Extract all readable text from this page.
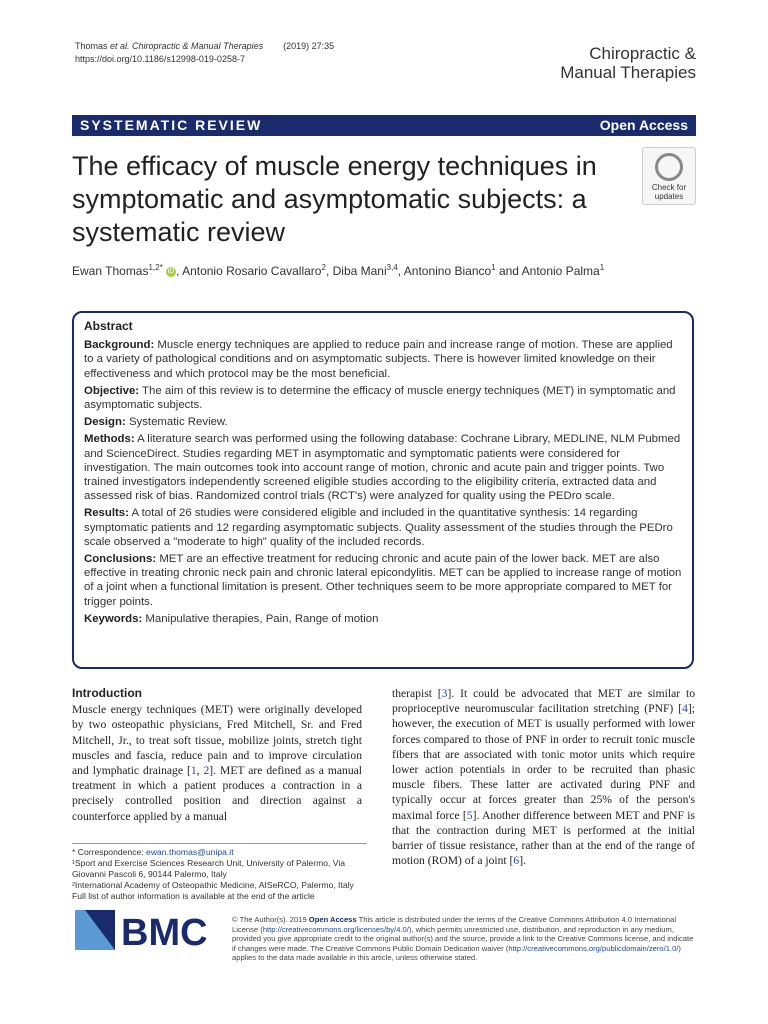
Thomas et al. Chiropractic & Manual Therapies (2019) 27:35
https://doi.org/10.1186/s12998-019-0258-7	Chiropractic &
Manual Therapies
SYSTEMATIC REVIEW	Open Access
The efficacy of muscle energy techniques in symptomatic and asymptomatic subjects: a systematic review
Check for
updates
Ewan Thomas$^{1,2*}$ iD , Antonio Rosario Cavallaro$^2$, Diba Mani$^{3,4}$, Antonino Bianco$^1$ and Antonio Palma$^1$
Abstract

Background: Muscle energy techniques are applied to reduce pain and increase range of motion. These are applied to a variety of pathological conditions and on asymptomatic subjects. There is however limited knowledge on their effectiveness and which protocol may be the most beneficial.

Objective: The aim of this review is to determine the efficacy of muscle energy techniques (MET) in symptomatic and asymptomatic subjects.

Design: Systematic Review.

Methods: A literature search was performed using the following database: Cochrane Library, MEDLINE, NLM Pubmed and ScienceDirect. Studies regarding MET in asymptomatic and symptomatic patients were considered for investigation. The main outcomes took into account range of motion, chronic and acute pain and trigger points. Two trained investigators independently screened eligible studies according to the eligibility criteria, extracted data and assessed risk of bias. Randomized control trials (RCT's) were analyzed for quality using the PEDro scale.

Results: A total of 26 studies were considered eligible and included in the quantitative synthesis: 14 regarding symptomatic patients and 12 regarding asymptomatic subjects. Quality assessment of the studies through the PEDro scale observed a "moderate to high" quality of the included records.

Conclusions: MET are an effective treatment for reducing chronic and acute pain of the lower back. MET are also effective in treating chronic neck pain and chronic lateral epicondylitis. MET can be applied to increase range of motion of a joint when a functional limitation is present. Other techniques seem to be more appropriate compared to MET for trigger points.

Keywords: Manipulative therapies, Pain, Range of motion

Introduction
Muscle energy techniques (MET) were originally developed by two osteopathic physicians, Fred Mitchell, Sr. and Fred Mitchell, Jr., to treat soft tissue, mobilize joints, stretch tight muscles and fascia, reduce pain and to improve circulation and lymphatic drainage [1, 2]. MET are defined as a manual treatment in which a patient produces a contraction in a precisely controlled position and direction against a counterforce applied by a manual
therapist [3]. It could be advocated that MET are similar to proprioceptive neuromuscular facilitation stretching (PNF) [4]; however, the execution of MET is usually performed with lower forces compared to those of PNF in order to recruit tonic muscle fibers that are associated with tonic motor units which require lower action potentials in order to be recruited than phasic muscle fibers. These latter are activated during PNF and typically occur at forces greater than 25% of the person's maximal force [5]. Another difference between MET and PNF is that the contraction during MET is performed at the initial barrier of tissue resistance, rather than at the end of the range of motion (ROM) of a joint [6].
* Correspondence: ewan.thomas@unipa.it
¹Sport and Exercise Sciences Research Unit, University of Palermo, Via Giovanni Pascoli 6, 90144 Palermo, Italy
²International Academy of Osteopathic Medicine, AISeRCO, Palermo, Italy
Full list of author information is available at the end of the article
BMC	© The Author(s). 2019 Open Access This article is distributed under the terms of the Creative Commons Attribution 4.0 International License (http://creativecommons.org/licenses/by/4.0/), which permits unrestricted use, distribution, and reproduction in any medium, provided you give appropriate credit to the original author(s) and the source, provide a link to the Creative Commons license, and indicate if changes were made. The Creative Commons Public Domain Dedication waiver (http://creativecommons.org/publicdomain/zero/1.0/) applies to the data made available in this article, unless otherwise stated.
